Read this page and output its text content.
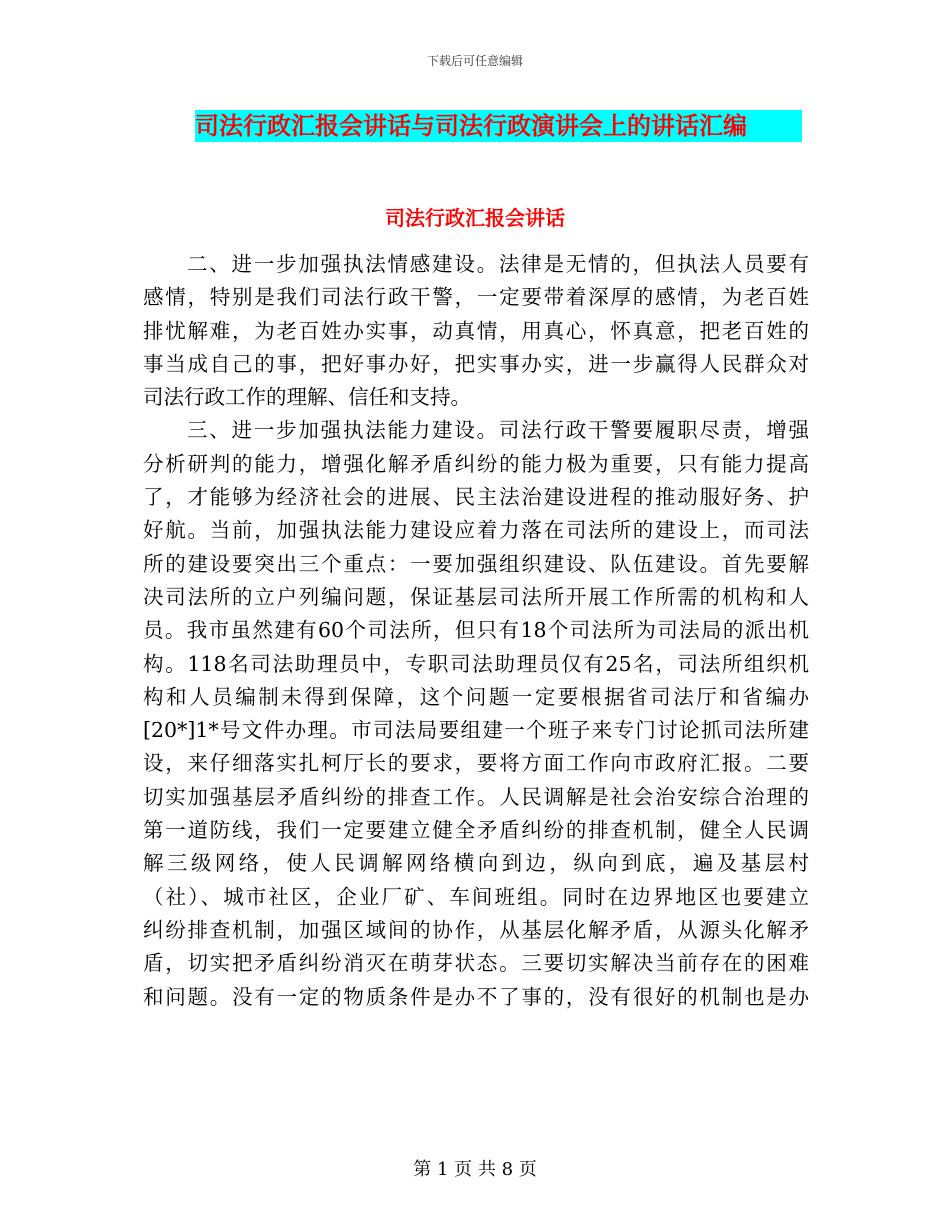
下载后可任意编辑
司法行政汇报会讲话与司法行政演讲会上的讲话汇编
司法行政汇报会讲话
二、进一步加强执法情感建设。法律是无情的，但执法人员要有
感情，特别是我们司法行政干警，一定要带着深厚的感情，为老百姓
排忧解难，为老百姓办实事，动真情，用真心，怀真意，把老百姓的
事当成自己的事，把好事办好，把实事办实，进一步赢得人民群众对
司法行政工作的理解、信任和支持。
三、进一步加强执法能力建设。司法行政干警要履职尽责，增强
分析研判的能力，增强化解矛盾纠纷的能力极为重要，只有能力提高
了，才能够为经济社会的进展、民主法治建设进程的推动服好务、护
好航。当前，加强执法能力建设应着力落在司法所的建设上，而司法
所的建设要突出三个重点：一要加强组织建设、队伍建设。首先要解
决司法所的立户列编问题，保证基层司法所开展工作所需的机构和人
员。我市虽然建有60个司法所，但只有18个司法所为司法局的派出机
构。118名司法助理员中，专职司法助理员仅有25名，司法所组织机
构和人员编制未得到保障，这个问题一定要根据省司法厅和省编办
[20*]1*号文件办理。市司法局要组建一个班子来专门讨论抓司法所建
设，来仔细落实扎柯厅长的要求，要将方面工作向市政府汇报。二要
切实加强基层矛盾纠纷的排查工作。人民调解是社会治安综合治理的
第一道防线，我们一定要建立健全矛盾纠纷的排查机制，健全人民调
解三级网络，使人民调解网络横向到边，纵向到底，遍及基层村
（社）、城市社区，企业厂矿、车间班组。同时在边界地区也要建立
纠纷排查机制，加强区域间的协作，从基层化解矛盾，从源头化解矛
盾，切实把矛盾纠纷消灭在萌芽状态。三要切实解决当前存在的困难
和问题。没有一定的物质条件是办不了事的，没有很好的机制也是办
第 1 页 共 8 页
